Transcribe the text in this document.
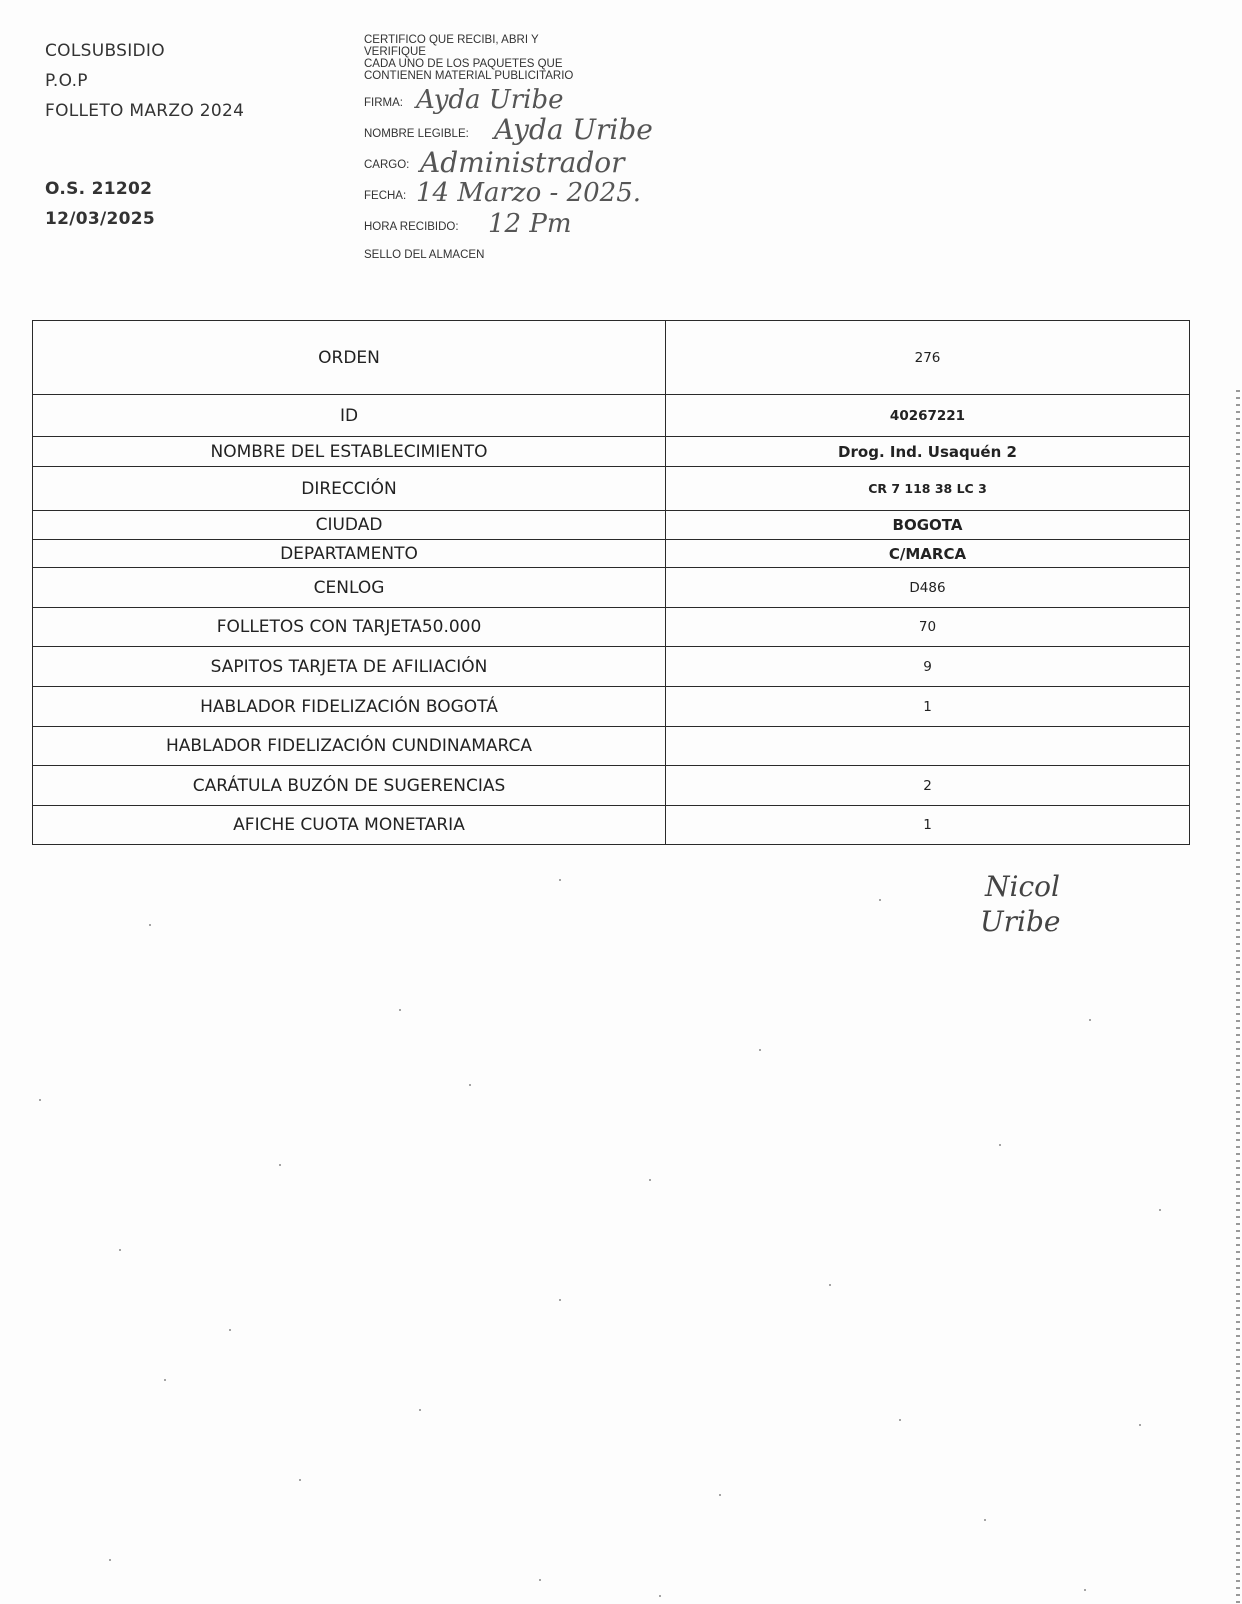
COLSUBSIDIO
P.O.P
FOLLETO MARZO 2024
O.S. 21202
12/03/2025
CERTIFICO QUE RECIBI, ABRI Y
VERIFIQUE
CADA UNO DE LOS PAQUETES QUE
CONTIENEN MATERIAL PUBLICITARIO
FIRMA: Ayda Uribe
NOMBRE LEGIBLE: Ayda Uribe
CARGO: Administrador
FECHA: 14 Marzo - 2025.
HORA RECIBIDO: 12 Pm
SELLO DEL ALMACEN
ORDEN	276
ID	40267221
NOMBRE DEL ESTABLECIMIENTO	Drog. Ind. Usaquén 2
DIRECCIÓN	CR 7 118 38 LC 3
CIUDAD	BOGOTA
DEPARTAMENTO	C/MARCA
CENLOG	D486
FOLLETOS CON TARJETA50.000	70
SAPITOS TARJETA DE AFILIACIÓN	9
HABLADOR FIDELIZACIÓN BOGOTÁ	1
HABLADOR FIDELIZACIÓN CUNDINAMARCA	
CARÁTULA BUZÓN DE SUGERENCIAS	2
AFICHE CUOTA MONETARIA	1
Nicol
Uribe
